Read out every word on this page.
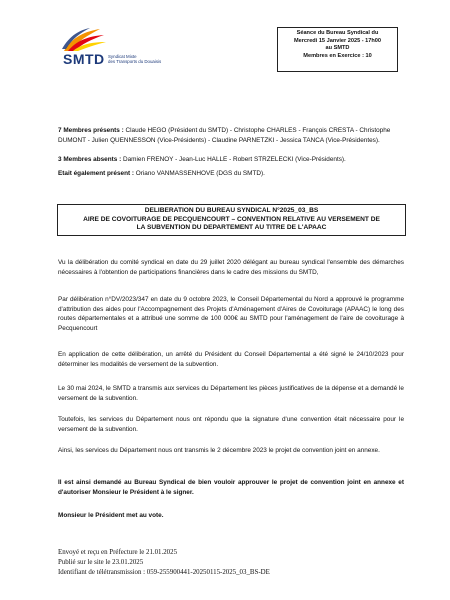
SMTD Syndicat Mixte
des Transports du Douaisis
Séance du Bureau Syndical du
Mercredi 15 Janvier 2025 - 17h00
au SMTD
Membres en Exercice : 10
7 Membres présents : Claude HEGO (Président du SMTD) - Christophe CHARLES - François CRESTA - Christophe DUMONT - Julien QUENNESSON (Vice-Présidents) - Claudine PARNETZKI - Jessica TANCA (Vice-Présidentes).
3 Membres absents : Damien FRENOY - Jean-Luc HALLE - Robert STRZELECKI (Vice-Présidents).
Etait également présent : Oriano VANMASSENHOVE (DGS du SMTD).
DELIBERATION DU BUREAU SYNDICAL N°2025_03_BS
AIRE DE COVOITURAGE DE PECQUENCOURT – CONVENTION RELATIVE AU VERSEMENT DE
LA SUBVENTION DU DEPARTEMENT AU TITRE DE L'APAAC
Vu la délibération du comité syndical en date du 29 juillet 2020 délégant au bureau syndical l'ensemble des démarches nécessaires à l'obtention de participations financières dans le cadre des missions du SMTD,
Par délibération n°DV/2023/347 en date du 9 octobre 2023, le Conseil Départemental du Nord a approuvé le programme d'attribution des aides pour l'Accompagnement des Projets d'Aménagement d'Aires de Covoiturage (APAAC) le long des routes départementales et a attribué une somme de 100 000€ au SMTD pour l'aménagement de l'aire de covoiturage à Pecquencourt
En application de cette délibération, un arrêté du Président du Conseil Départemental a été signé le 24/10/2023 pour déterminer les modalités de versement de la subvention.
Le 30 mai 2024, le SMTD a transmis aux services du Département les pièces justificatives de la dépense et a demandé le versement de la subvention.
Toutefois, les services du Département nous ont répondu que la signature d'une convention était nécessaire pour le versement de la subvention.
Ainsi, les services du Département nous ont transmis le 2 décembre 2023 le projet de convention joint en annexe.
Il est ainsi demandé au Bureau Syndical de bien vouloir approuver le projet de convention joint en annexe et d'autoriser Monsieur le Président à le signer.
Monsieur le Président met au vote.
Envoyé et reçu en Préfecture le 21.01.2025
Publié sur le site le 23.01.2025
Identifiant de télétransmission : 059-255900441-20250115-2025_03_BS-DE
